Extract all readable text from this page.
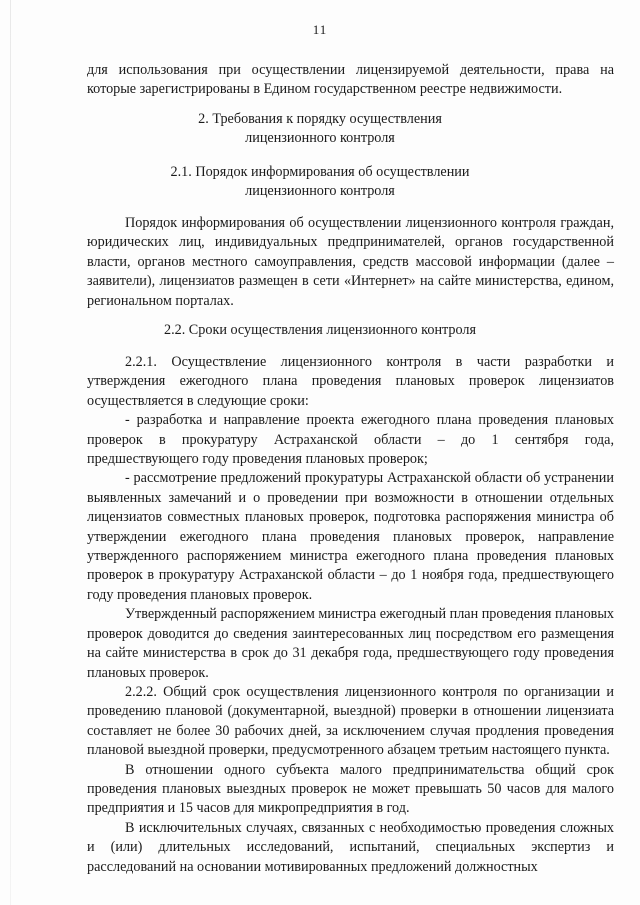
11

для использования при осуществлении лицензируемой деятельности, права на которые зарегистрированы в Едином государственном реестре недвижимости.

2. Требования к порядку осуществления
лицензионного контроля
2.1. Порядок информирования об осуществлении
лицензионного контроля

Порядок информирования об осуществлении лицензионного контроля граждан, юридических лиц, индивидуальных предпринимателей, органов государственной власти, органов местного самоуправления, средств массовой информации (далее – заявители), лицензиатов размещен в сети «Интернет» на сайте министерства, едином, региональном порталах.

2.2. Сроки осуществления лицензионного контроля

2.2.1. Осуществление лицензионного контроля в части разработки и утверждения ежегодного плана проведения плановых проверок лицензиатов осуществляется в следующие сроки:

- разработка и направление проекта ежегодного плана проведения плановых проверок в прокуратуру Астраханской области – до 1 сентября года, предшествующего году проведения плановых проверок;

- рассмотрение предложений прокуратуры Астраханской области об устранении выявленных замечаний и о проведении при возможности в отношении отдельных лицензиатов совместных плановых проверок, подготовка распоряжения министра об утверждении ежегодного плана проведения плановых проверок, направление утвержденного распоряжением министра ежегодного плана проведения плановых проверок в прокуратуру Астраханской области – до 1 ноября года, предшествующего году проведения плановых проверок.

Утвержденный распоряжением министра ежегодный план проведения плановых проверок доводится до сведения заинтересованных лиц посредством его размещения на сайте министерства в срок до 31 декабря года, предшествующего году проведения плановых проверок.

2.2.2. Общий срок осуществления лицензионного контроля по организации и проведению плановой (документарной, выездной) проверки в отношении лицензиата составляет не более 30 рабочих дней, за исключением случая продления проведения плановой выездной проверки, предусмотренного абзацем третьим настоящего пункта.

В отношении одного субъекта малого предпринимательства общий срок проведения плановых выездных проверок не может превышать 50 часов для малого предприятия и 15 часов для микропредприятия в год.

В исключительных случаях, связанных с необходимостью проведения сложных и (или) длительных исследований, испытаний, специальных экспертиз и расследований на основании мотивированных предложений должностных
